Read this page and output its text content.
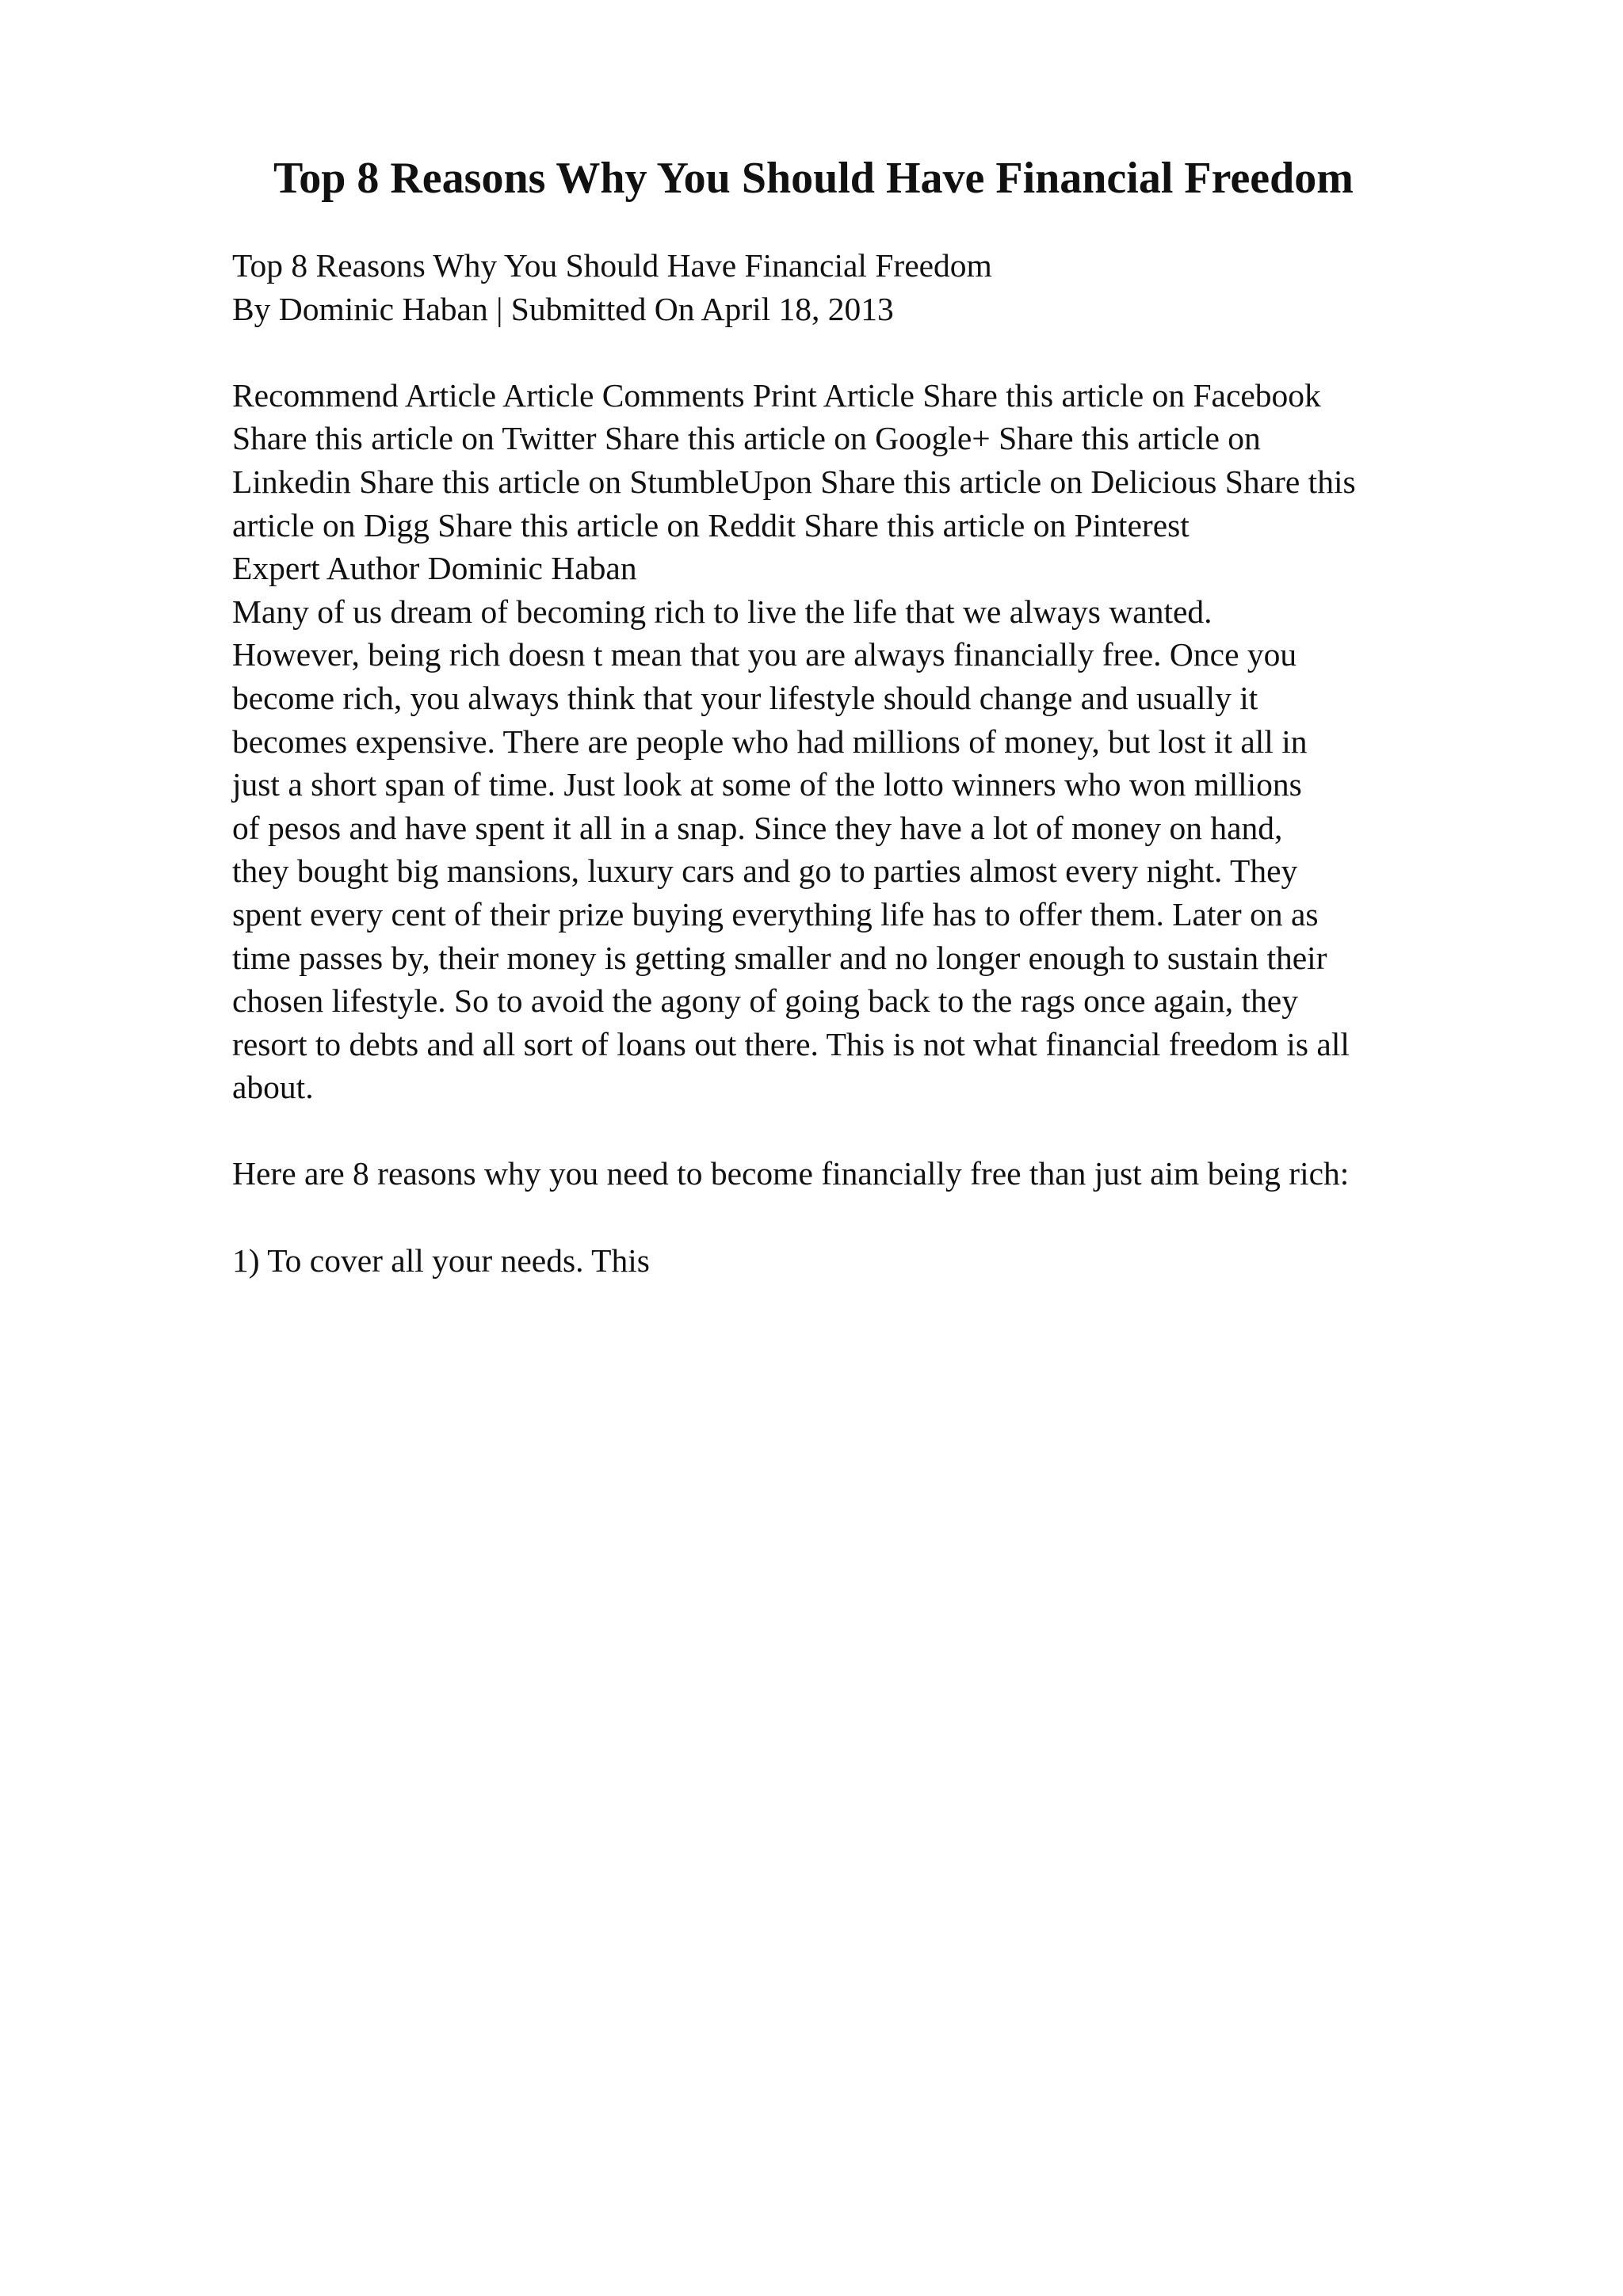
Top 8 Reasons Why You Should Have Financial Freedom
Top 8 Reasons Why You Should Have Financial Freedom
By Dominic Haban | Submitted On April 18, 2013
Recommend Article Article Comments Print Article Share this article on Facebook
Share this article on Twitter Share this article on Google+ Share this article on
Linkedin Share this article on StumbleUpon Share this article on Delicious Share this
article on Digg Share this article on Reddit Share this article on Pinterest
Expert Author Dominic Haban
Many of us dream of becoming rich to live the life that we always wanted.
However, being rich doesn t mean that you are always financially free. Once you
become rich, you always think that your lifestyle should change and usually it
becomes expensive. There are people who had millions of money, but lost it all in
just a short span of time. Just look at some of the lotto winners who won millions
of pesos and have spent it all in a snap. Since they have a lot of money on hand,
they bought big mansions, luxury cars and go to parties almost every night. They
spent every cent of their prize buying everything life has to offer them. Later on as
time passes by, their money is getting smaller and no longer enough to sustain their
chosen lifestyle. So to avoid the agony of going back to the rags once again, they
resort to debts and all sort of loans out there. This is not what financial freedom is all
about.
Here are 8 reasons why you need to become financially free than just aim being rich:
1) To cover all your needs. This
